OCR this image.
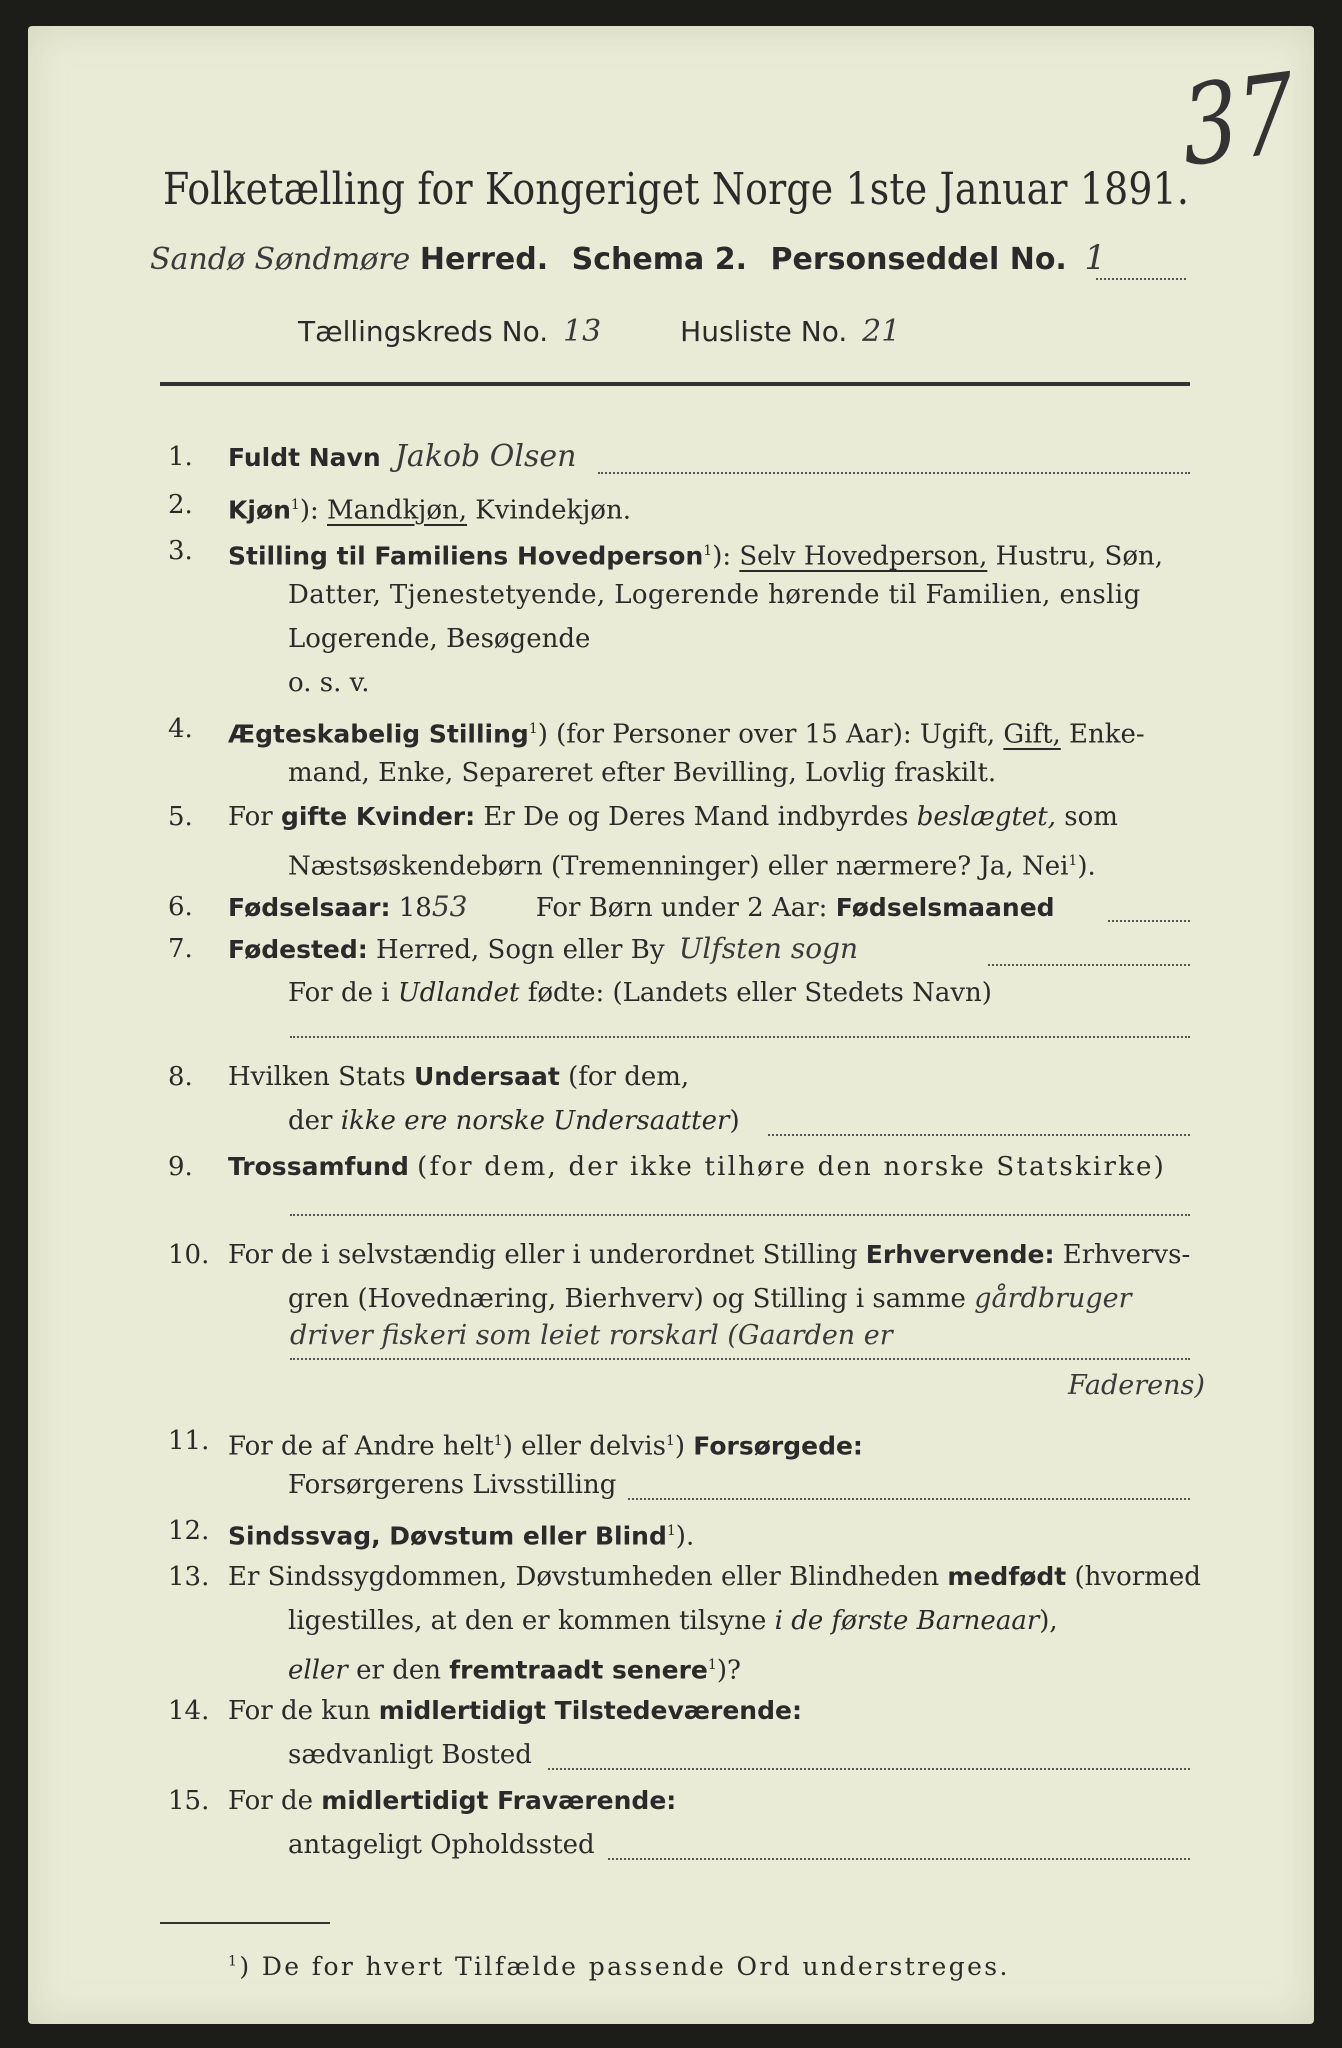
37
Folketælling for Kongeriget Norge 1ste Januar 1891.
Sandø Søndmøre Herred. Schema 2. Personseddel No. 1
Tællingskreds No. 13	Husliste No. 21
1.	Fuldt Navn Jakob Olsen
2.	Kjøn$^1$): Mandkjøn, Kvindekjøn.
3.	Stilling til Familiens Hovedperson$^1$): Selv Hovedperson, Hustru, Søn,
Datter, Tjenestetyende, Logerende hørende til Familien, enslig
Logerende, Besøgende
o. s. v.
4.	Ægteskabelig Stilling$^1$) (for Personer over 15 Aar): Ugift, Gift, Enke-
mand, Enke, Separeret efter Bevilling, Lovlig fraskilt.
5.	For gifte Kvinder: Er De og Deres Mand indbyrdes beslægtet, som
Næstsøskendebørn (Tremenninger) eller nærmere? Ja, Nei$^1$).
6.	Fødselsaar: 1853	For Børn under 2 Aar: Fødselsmaaned
7.	Fødested: Herred, Sogn eller By Ulfsten sogn
For de i Udlandet fødte: (Landets eller Stedets Navn)
8.	Hvilken Stats Undersaat (for dem,
der ikke ere norske Undersaatter)
9.	Trossamfund (for dem, der ikke tilhøre den norske Statskirke)
10. For de i selvstændig eller i underordnet Stilling Erhvervende: Erhvervs-
gren (Hovednæring, Bierhverv) og Stilling i samme gårdbruger
driver fiskeri som leiet rorskarl (Gaarden er
Faderens)
11. For de af Andre helt$^1$) eller delvis$^1$) Forsørgede:
Forsørgerens Livsstilling
12. Sindssvag, Døvstum eller Blind$^1$).
13. Er Sindssygdommen, Døvstumheden eller Blindheden medfødt (hvormed
ligestilles, at den er kommen tilsyne i de første Barneaar),
eller er den fremtraadt senere$^1$)?
14. For de kun midlertidigt Tilstedeværende:
sædvanligt Bosted
15. For de midlertidigt Fraværende:
antageligt Opholdssted
$^1$) De for hvert Tilfælde passende Ord understreges.
